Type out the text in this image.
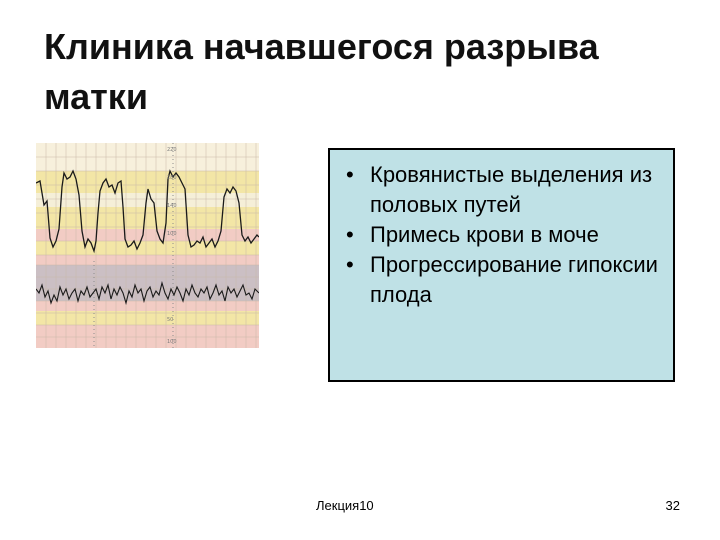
Клиника начавшегося разрыва матки
220
180
140
100
50
100
• Кровянистые выделения из половых путей
• Примесь крови в моче
• Прогрессирование гипоксии плода
Лекция10	32
